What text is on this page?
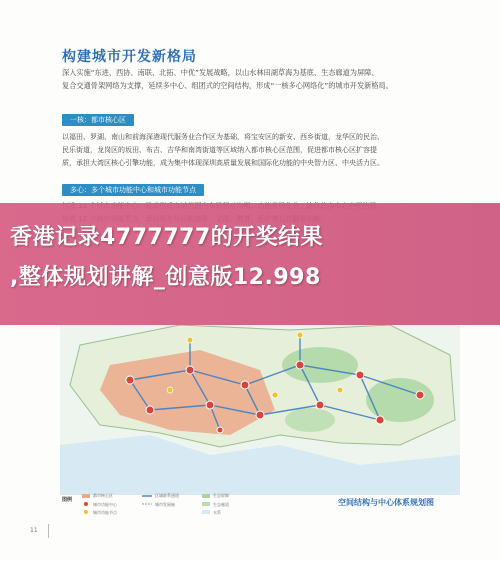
构建城市开发新格局
深入实施“东进、西协、南联、北拓、中优”发展战略，以山水林田湖草海为基底、生态廊道为屏障、
复合交通骨架网络为支撑，延续多中心、组团式的空间结构，形成“一核多心网络化”的城市开发新格局。
一核：都市核心区
以福田、罗湖、南山和前海深港现代服务业合作区为基础，将宝安区的新安、西乡街道，龙华区的民治、
民乐街道，龙岗区的坂田、布吉、吉华和南湾街道等区域纳入都市核心区范围，促进都市核心区扩容提
质，承担大湾区核心引擎功能，成为集中体现深圳高质量发展和国际化功能的中央智力区、中央活力区。
多心：多个城市功能中心和城市功能节点
图例
都市核心区
城市功能中心
城市功能节点
区域联系通道
城市发展轴
生态屏障
生态廊道
水系
空间结构与中心体系规划图
11
香港记录4777777的开奖结果
,整体规划讲解_创意版12.998
